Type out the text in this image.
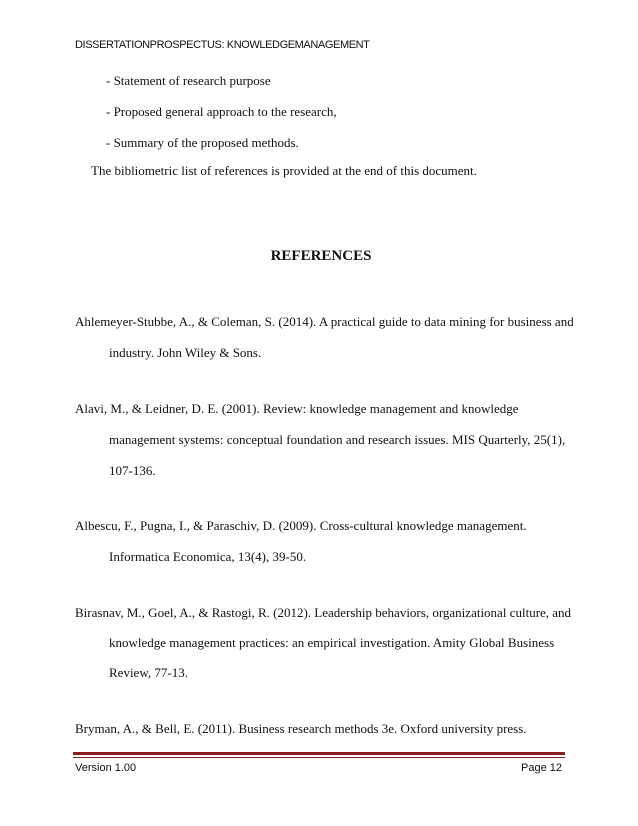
DISSERTATIONPROSPECTUS: KNOWLEDGEMANAGEMENT
- Statement of research purpose
- Proposed general approach to the research,
- Summary of the proposed methods.
The bibliometric list of references is provided at the end of this document.
REFERENCES
Ahlemeyer-Stubbe, A., & Coleman, S. (2014). A practical guide to data mining for business and
industry. John Wiley & Sons.
Alavi, M., & Leidner, D. E. (2001). Review: knowledge management and knowledge
management systems: conceptual foundation and research issues. MIS Quarterly, 25(1),
107-136.
Albescu, F., Pugna, I., & Paraschiv, D. (2009). Cross-cultural knowledge management.
Informatica Economica, 13(4), 39-50.
Birasnav, M., Goel, A., & Rastogi, R. (2012). Leadership behaviors, organizational culture, and
knowledge management practices: an empirical investigation. Amity Global Business
Review, 77-13.
Bryman, A., & Bell, E. (2011). Business research methods 3e. Oxford university press.
Version 1.00	Page 12
